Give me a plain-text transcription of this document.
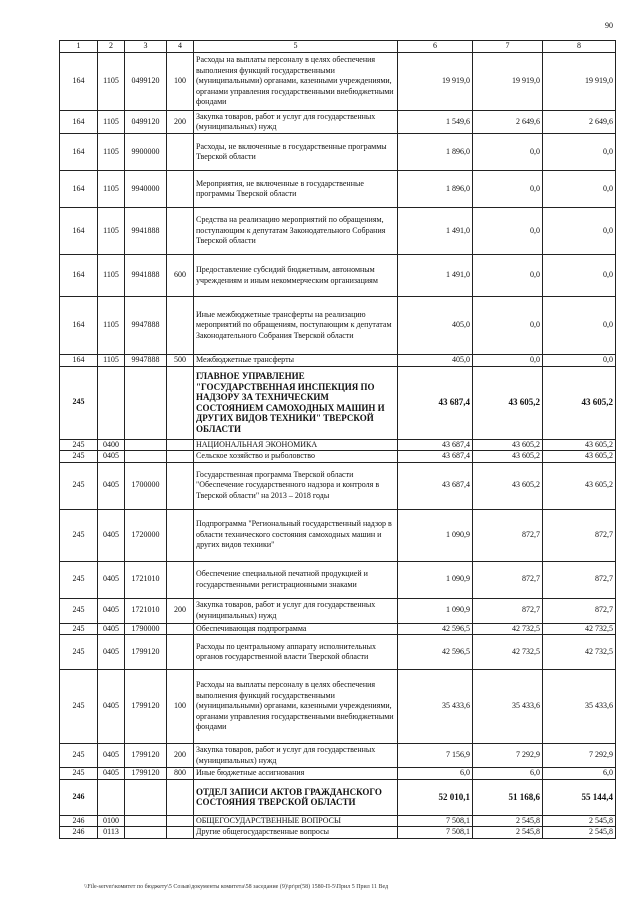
90
1	2	3	4	5	6	7	8
164	1105	0499120	100	Расходы на выплаты персоналу в целях обеспечения выполнения функций государственными (муниципальными) органами, казенными учреждениями, органами управления государственными внебюджетными фондами	19 919,0	19 919,0	19 919,0
164	1105	0499120	200	Закупка товаров, работ и услуг для государственных (муниципальных) нужд	1 549,6	2 649,6	2 649,6
164	1105	9900000		Расходы, не включенные в государственные программы Тверской области	1 896,0	0,0	0,0
164	1105	9940000		Мероприятия, не включенные в государственные программы Тверской области	1 896,0	0,0	0,0
164	1105	9941888		Средства на реализацию мероприятий по обращениям, поступающим к депутатам Законодательного Собрания Тверской области	1 491,0	0,0	0,0
164	1105	9941888	600	Предоставление субсидий бюджетным, автономным учреждениям и иным некоммерческим организациям	1 491,0	0,0	0,0
164	1105	9947888		Иные межбюджетные трансферты на реализацию мероприятий по обращениям, поступающим к депутатам Законодательного Собрания Тверской области	405,0	0,0	0,0
164	1105	9947888	500	Межбюджетные трансферты	405,0	0,0	0,0
245				ГЛАВНОЕ УПРАВЛЕНИЕ "ГОСУДАРСТВЕННАЯ ИНСПЕКЦИЯ ПО НАДЗОРУ ЗА ТЕХНИЧЕСКИМ СОСТОЯНИЕМ САМОХОДНЫХ МАШИН И ДРУГИХ ВИДОВ ТЕХНИКИ" ТВЕРСКОЙ ОБЛАСТИ	43 687,4	43 605,2	43 605,2
245	0400			НАЦИОНАЛЬНАЯ ЭКОНОМИКА	43 687,4	43 605,2	43 605,2
245	0405			Сельское хозяйство и рыболовство	43 687,4	43 605,2	43 605,2
245	0405	1700000		Государственная программа Тверской области "Обеспечение государственного надзора и контроля в Тверской области" на 2013 – 2018 годы	43 687,4	43 605,2	43 605,2
245	0405	1720000		Подпрограмма "Региональный государственный надзор в области технического состояния самоходных машин и других видов техники"	1 090,9	872,7	872,7
245	0405	1721010		Обеспечение специальной печатной продукцией и государственными регистрационными знаками	1 090,9	872,7	872,7
245	0405	1721010	200	Закупка товаров, работ и услуг для государственных (муниципальных) нужд	1 090,9	872,7	872,7
245	0405	1790000		Обеспечивающая подпрограмма	42 596,5	42 732,5	42 732,5
245	0405	1799120		Расходы по центральному аппарату исполнительных органов государственной власти Тверской области	42 596,5	42 732,5	42 732,5
245	0405	1799120	100	Расходы на выплаты персоналу в целях обеспечения выполнения функций государственными (муниципальными) органами, казенными учреждениями, органами управления государственными внебюджетными фондами	35 433,6	35 433,6	35 433,6
245	0405	1799120	200	Закупка товаров, работ и услуг для государственных (муниципальных) нужд	7 156,9	7 292,9	7 292,9
245	0405	1799120	800	Иные бюджетные ассигнования	6,0	6,0	6,0
246				ОТДЕЛ ЗАПИСИ АКТОВ ГРАЖДАНСКОГО СОСТОЯНИЯ ТВЕРСКОЙ ОБЛАСТИ	52 010,1	51 168,6	55 144,4
246	0100			ОБЩЕГОСУДАРСТВЕННЫЕ ВОПРОСЫ	7 508,1	2 545,8	2 545,8
246	0113			Другие общегосударственные вопросы	7 508,1	2 545,8	2 545,8
\\File-server\комитет по бюджету\5 Созыв\документы комитета\58 заседание (9)\pr\pr(58) 1580-П-5\Прил 5 Прил 11 Вед
